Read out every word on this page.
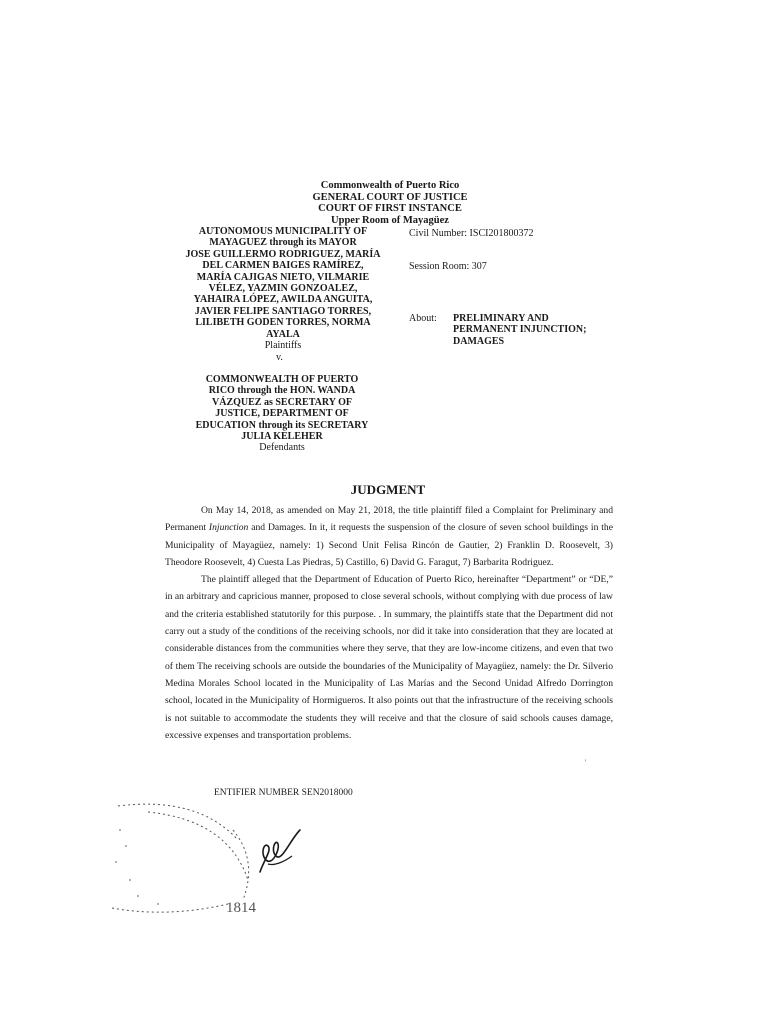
Commonwealth of Puerto Rico
GENERAL COURT OF JUSTICE
COURT OF FIRST INSTANCE
Upper Room of Mayagüez
AUTONOMOUS MUNICIPALITY OF
MAYAGUEZ through its MAYOR
JOSE GUILLERMO RODRIGUEZ, MARÍA
DEL CARMEN BAIGES RAMÍREZ,
MARÍA CAJIGAS NIETO, VILMARIE
VÉLEZ, YAZMIN GONZOALEZ,
YAHAIRA LÓPEZ, AWILDA ANGUITA,
JAVIER FELIPE SANTIAGO TORRES,
LILIBETH GODEN TORRES, NORMA
AYALA
Plaintiffs
Civil Number: ISCI201800372
Session Room: 307
About:	PRELIMINARY AND
PERMANENT INJUNCTION;
DAMAGES
v.
COMMONWEALTH OF PUERTO
RICO through the HON. WANDA
VÁZQUEZ as SECRETARY OF
JUSTICE, DEPARTMENT OF
EDUCATION through its SECRETARY
JULIA KELEHER
Defendants
JUDGMENT

On May 14, 2018, as amended on May 21, 2018, the title plaintiff filed a Complaint for Preliminary and Permanent Injunction and Damages. In it, it requests the suspension of the closure of seven school buildings in the Municipality of Mayagüez, namely: 1) Second Unit Felisa Rincón de Gautier, 2) Franklin D. Roosevelt, 3) Theodore Roosevelt, 4) Cuesta Las Piedras, 5) Castillo, 6) David G. Faragut, 7) Barbarita Rodriguez.

The plaintiff alleged that the Department of Education of Puerto Rico, hereinafter “Department” or “DE,” in an arbitrary and capricious manner, proposed to close several schools, without complying with due process of law and the criteria established statutorily for this purpose. . In summary, the plaintiffs state that the Department did not carry out a study of the conditions of the receiving schools, nor did it take into consideration that they are located at considerable distances from the communities where they serve, that they are low-income citizens, and even that two of them The receiving schools are outside the boundaries of the Municipality of Mayagüez, namely: the Dr. Silverio Medina Morales School located in the Municipality of Las Marías and the Second Unidad Alfredo Dorrington school, located in the Municipality of Hormigueros. It also points out that the infrastructure of the receiving schools is not suitable to accommodate the students they will receive and that the closure of said schools causes damage, excessive expenses and transportation problems.

'
ENTIFIER NUMBER SEN2018000
1814
